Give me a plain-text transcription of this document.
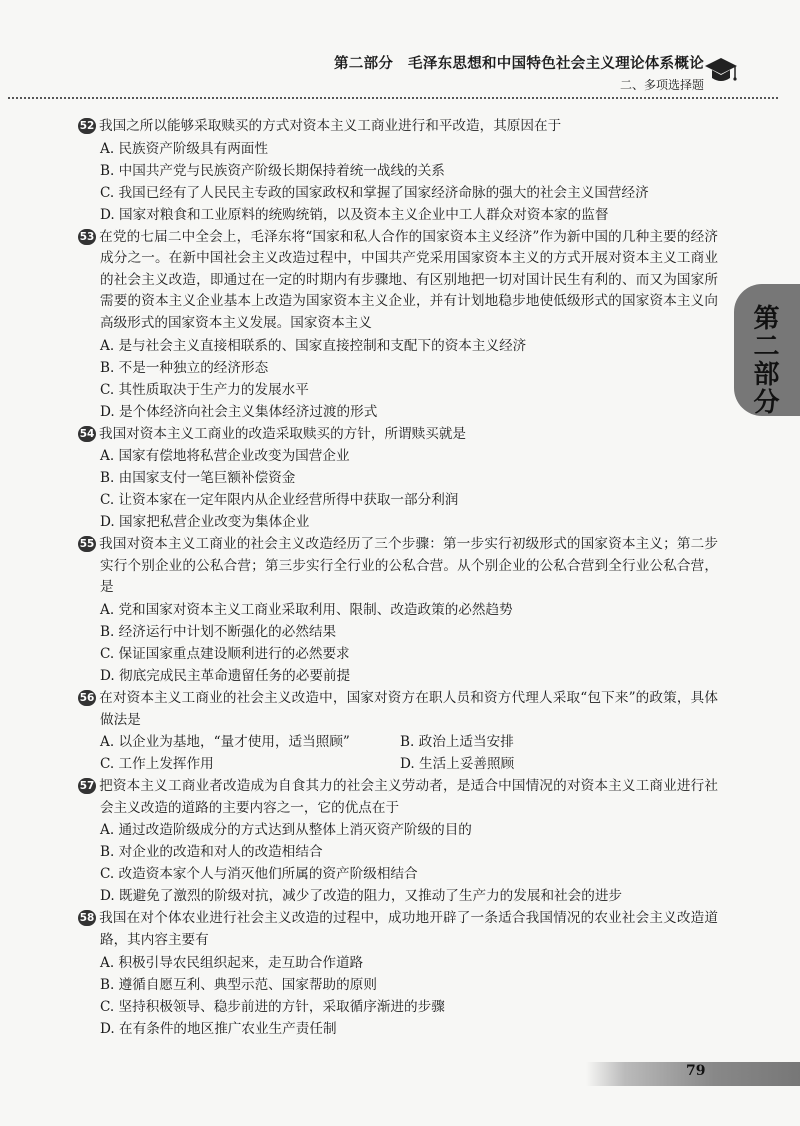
第二部分　毛泽东思想和中国特色社会主义理论体系概论
二、多项选择题
第二部分
52 我国之所以能够采取赎买的方式对资本主义工商业进行和平改造，其原因在于
A. 民族资产阶级具有两面性
B. 中国共产党与民族资产阶级长期保持着统一战线的关系
C. 我国已经有了人民民主专政的国家政权和掌握了国家经济命脉的强大的社会主义国营经济
D. 国家对粮食和工业原料的统购统销，以及资本主义企业中工人群众对资本家的监督
53 在党的七届二中全会上，毛泽东将“国家和私人合作的国家资本主义经济”作为新中国的几种主要的经济成分之一。在新中国社会主义改造过程中，中国共产党采用国家资本主义的方式开展对资本主义工商业的社会主义改造，即通过在一定的时期内有步骤地、有区别地把一切对国计民生有利的、而又为国家所需要的资本主义企业基本上改造为国家资本主义企业，并有计划地稳步地使低级形式的国家资本主义向高级形式的国家资本主义发展。国家资本主义
A. 是与社会主义直接相联系的、国家直接控制和支配下的资本主义经济
B. 不是一种独立的经济形态
C. 其性质取决于生产力的发展水平
D. 是个体经济向社会主义集体经济过渡的形式
54 我国对资本主义工商业的改造采取赎买的方针，所谓赎买就是
A. 国家有偿地将私营企业改变为国营企业
B. 由国家支付一笔巨额补偿资金
C. 让资本家在一定年限内从企业经营所得中获取一部分利润
D. 国家把私营企业改变为集体企业
55 我国对资本主义工商业的社会主义改造经历了三个步骤：第一步实行初级形式的国家资本主义；第二步实行个别企业的公私合营；第三步实行全行业的公私合营。从个别企业的公私合营到全行业公私合营，是
A. 党和国家对资本主义工商业采取利用、限制、改造政策的必然趋势
B. 经济运行中计划不断强化的必然结果
C. 保证国家重点建设顺利进行的必然要求
D. 彻底完成民主革命遗留任务的必要前提
56 在对资本主义工商业的社会主义改造中，国家对资方在职人员和资方代理人采取“包下来”的政策，具体做法是
A. 以企业为基地，“量才使用，适当照顾”	B. 政治上适当安排
C. 工作上发挥作用	D. 生活上妥善照顾
57 把资本主义工商业者改造成为自食其力的社会主义劳动者，是适合中国情况的对资本主义工商业进行社会主义改造的道路的主要内容之一，它的优点在于
A. 通过改造阶级成分的方式达到从整体上消灭资产阶级的目的
B. 对企业的改造和对人的改造相结合
C. 改造资本家个人与消灭他们所属的资产阶级相结合
D. 既避免了激烈的阶级对抗，减少了改造的阻力，又推动了生产力的发展和社会的进步
58 我国在对个体农业进行社会主义改造的过程中，成功地开辟了一条适合我国情况的农业社会主义改造道路，其内容主要有
A. 积极引导农民组织起来，走互助合作道路
B. 遵循自愿互利、典型示范、国家帮助的原则
C. 坚持积极领导、稳步前进的方针，采取循序渐进的步骤
D. 在有条件的地区推广农业生产责任制
79
